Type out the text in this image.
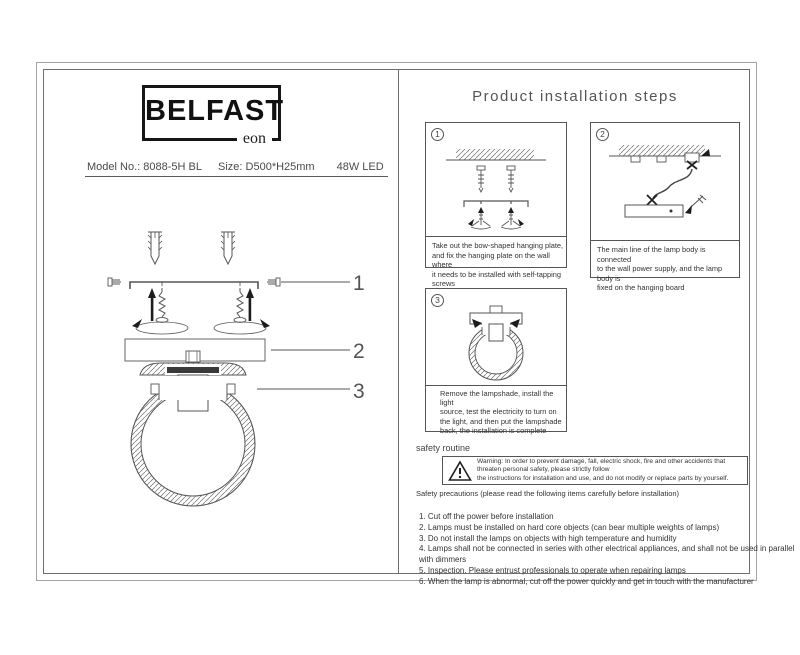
BELFAST
eon
Model No.: 8088-5H BL Size: D500*H25mm 48W LED
1
2
3
Product installation steps
1
Take out the bow-shaped hanging plate,
and fix the hanging plate on the wall where
it needs to be installed with self-tapping screws
2
The main line of the lamp body is connected
to the wall power supply, and the lamp body is
fixed on the hanging board
3
Remove the lampshade, install the light
source, test the electricity to turn on
the light, and then put the lampshade
back, the installation is complete
safety routine
Warning: In order to prevent damage, fall, electric shock, fire and other accidents that threaten personal safety, please strictly follow
the instructions for installation and use, and do not modify or replace parts by yourself.
Safety precautions (please read the following items carefully before installation)
1. Cut off the power before installation
2. Lamps must be installed on hard core objects (can bear multiple weights of lamps)
3. Do not install the lamps on objects with high temperature and humidity
4. Lamps shall not be connected in series with other electrical appliances, and shall not be used in parallel with dimmers
5. Inspection. Please entrust professionals to operate when repairing lamps
6. When the lamp is abnormal, cut off the power quickly and get in touch with the manufacturer
